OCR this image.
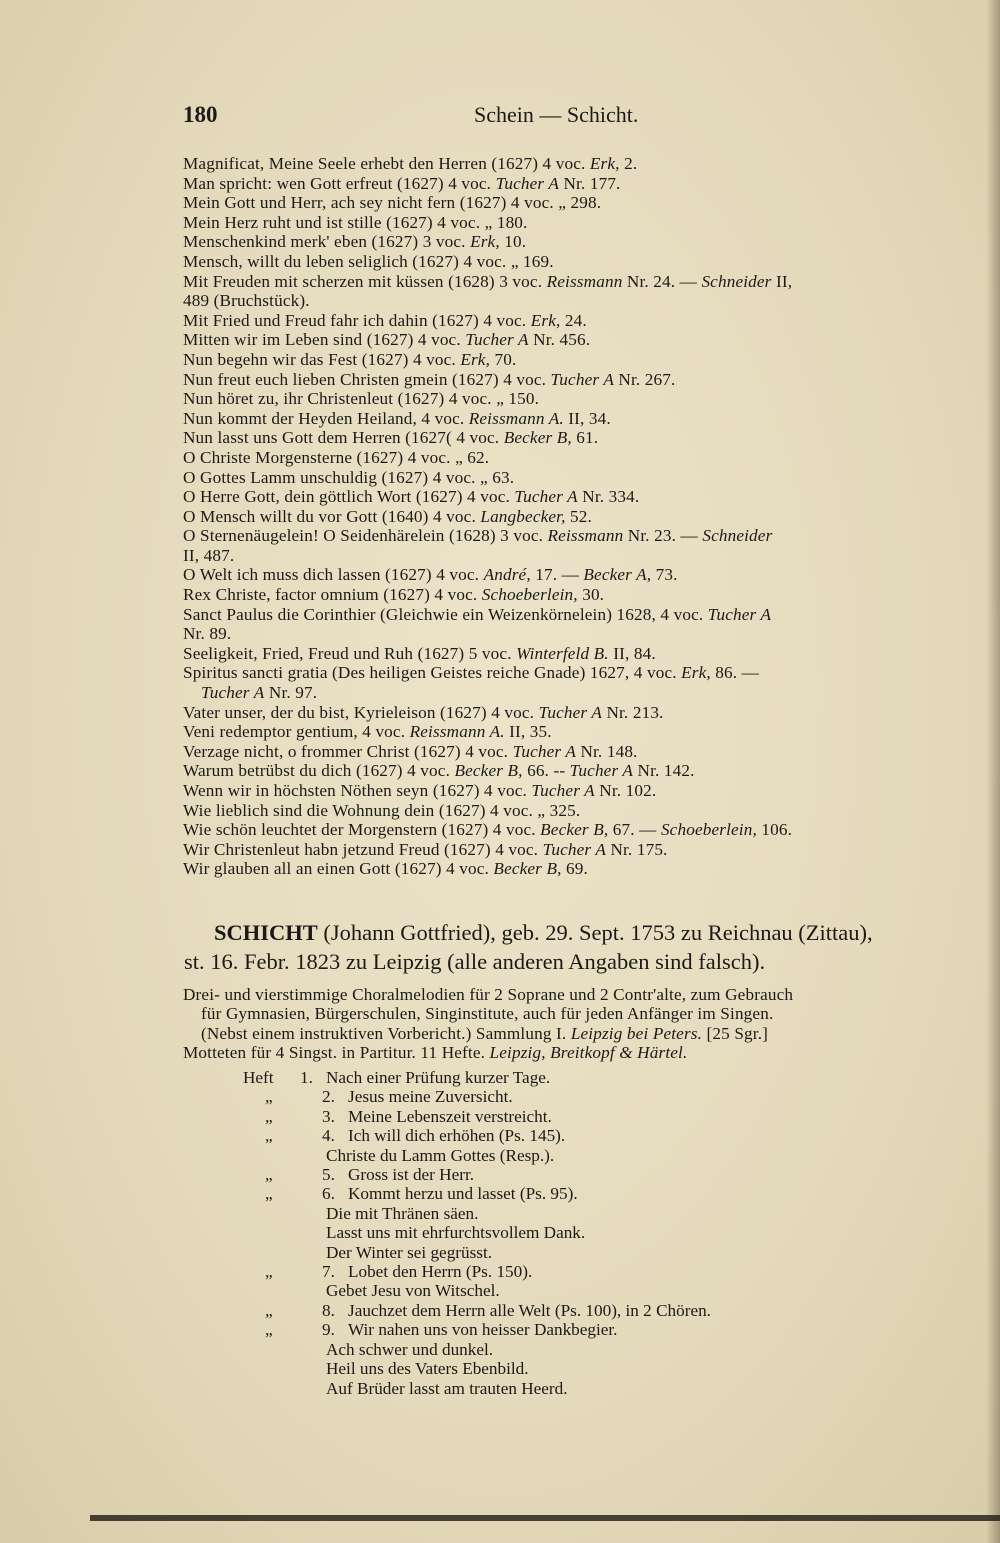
180	Schein — Schicht.
Magnificat, Meine Seele erhebt den Herren (1627) 4 voc. Erk, 2.
Man spricht: wen Gott erfreut (1627) 4 voc. Tucher A Nr. 177.
Mein Gott und Herr, ach sey nicht fern (1627) 4 voc. „ 298.
Mein Herz ruht und ist stille (1627) 4 voc. „ 180.
Menschenkind merk' eben (1627) 3 voc. Erk, 10.
Mensch, willt du leben seliglich (1627) 4 voc. „ 169.
Mit Freuden mit scherzen mit küssen (1628) 3 voc. Reissmann Nr. 24. — Schneider II,
489 (Bruchstück).
Mit Fried und Freud fahr ich dahin (1627) 4 voc. Erk, 24.
Mitten wir im Leben sind (1627) 4 voc. Tucher A Nr. 456.
Nun begehn wir das Fest (1627) 4 voc. Erk, 70.
Nun freut euch lieben Christen gmein (1627) 4 voc. Tucher A Nr. 267.
Nun höret zu, ihr Christenleut (1627) 4 voc. „ 150.
Nun kommt der Heyden Heiland, 4 voc. Reissmann A. II, 34.
Nun lasst uns Gott dem Herren (1627( 4 voc. Becker B, 61.
O Christe Morgensterne (1627) 4 voc. „ 62.
O Gottes Lamm unschuldig (1627) 4 voc. „ 63.
O Herre Gott, dein göttlich Wort (1627) 4 voc. Tucher A Nr. 334.
O Mensch willt du vor Gott (1640) 4 voc. Langbecker, 52.
O Sternenäugelein! O Seidenhärelein (1628) 3 voc. Reissmann Nr. 23. — Schneider
II, 487.
O Welt ich muss dich lassen (1627) 4 voc. André, 17. — Becker A, 73.
Rex Christe, factor omnium (1627) 4 voc. Schoeberlein, 30.
Sanct Paulus die Corinthier (Gleichwie ein Weizenkörnelein) 1628, 4 voc. Tucher A
Nr. 89.
Seeligkeit, Fried, Freud und Ruh (1627) 5 voc. Winterfeld B. II, 84.
Spiritus sancti gratia (Des heiligen Geistes reiche Gnade) 1627, 4 voc. Erk, 86. —
Tucher A Nr. 97.
Vater unser, der du bist, Kyrieleison (1627) 4 voc. Tucher A Nr. 213.
Veni redemptor gentium, 4 voc. Reissmann A. II, 35.
Verzage nicht, o frommer Christ (1627) 4 voc. Tucher A Nr. 148.
Warum betrübst du dich (1627) 4 voc. Becker B, 66. -- Tucher A Nr. 142.
Wenn wir in höchsten Nöthen seyn (1627) 4 voc. Tucher A Nr. 102.
Wie lieblich sind die Wohnung dein (1627) 4 voc. „ 325.
Wie schön leuchtet der Morgenstern (1627) 4 voc. Becker B, 67. — Schoeberlein, 106.
Wir Christenleut habn jetzund Freud (1627) 4 voc. Tucher A Nr. 175.
Wir glauben all an einen Gott (1627) 4 voc. Becker B, 69.
SCHICHT (Johann Gottfried), geb. 29. Sept. 1753 zu Reichnau (Zittau),
st. 16. Febr. 1823 zu Leipzig (alle anderen Angaben sind falsch).
Drei- und vierstimmige Choralmelodien für 2 Soprane und 2 Contr'alte, zum Gebrauch
für Gymnasien, Bürgerschulen, Singinstitute, auch für jeden Anfänger im Singen.
(Nebst einem instruktiven Vorbericht.) Sammlung I. Leipzig bei Peters. [25 Sgr.]
Motteten für 4 Singst. in Partitur. 11 Hefte. Leipzig, Breitkopf & Härtel.
Heft	1. Nach einer Prüfung kurzer Tage.
„	2. Jesus meine Zuversicht.
„	3. Meine Lebenszeit verstreicht.
„	4. Ich will dich erhöhen (Ps. 145).
Christe du Lamm Gottes (Resp.).
„	5. Gross ist der Herr.
„	6. Kommt herzu und lasset (Ps. 95).
Die mit Thränen säen.
Lasst uns mit ehrfurchtsvollem Dank.
Der Winter sei gegrüsst.
„	7. Lobet den Herrn (Ps. 150).
Gebet Jesu von Witschel.
„	8. Jauchzet dem Herrn alle Welt (Ps. 100), in 2 Chören.
„	9. Wir nahen uns von heisser Dankbegier.
Ach schwer und dunkel.
Heil uns des Vaters Ebenbild.
Auf Brüder lasst am trauten Heerd.
